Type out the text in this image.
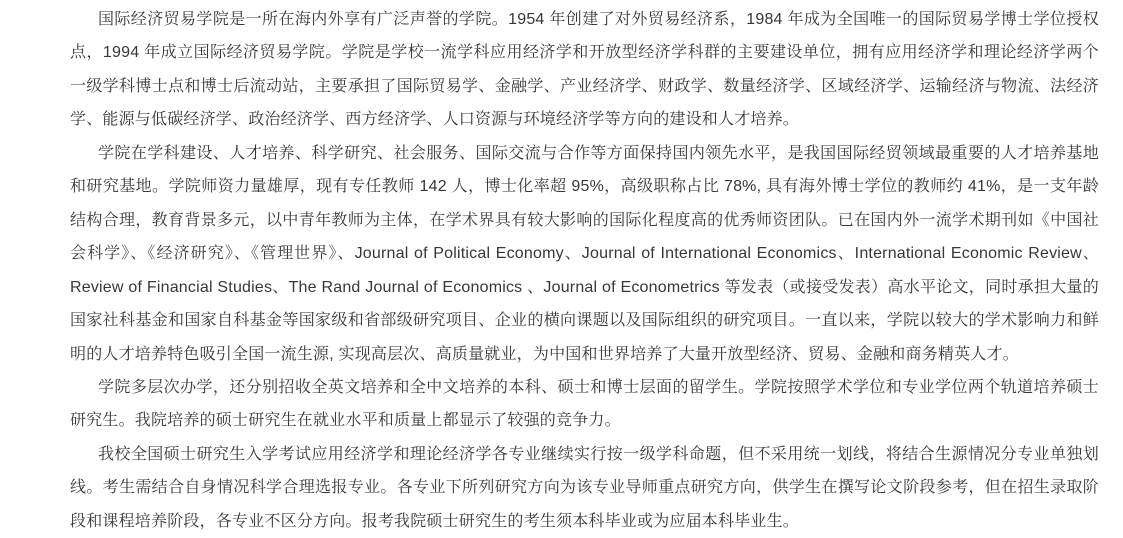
国际经济贸易学院是一所在海内外享有广泛声誉的学院。1954 年创建了对外贸易经济系，1984 年成为全国唯一的国际贸易学博士学位授权点，1994 年成立国际经济贸易学院。学院是学校一流学科应用经济学和开放型经济学科群的主要建设单位，拥有应用经济学和理论经济学两个一级学科博士点和博士后流动站，主要承担了国际贸易学、金融学、产业经济学、财政学、数量经济学、区域经济学、运输经济与物流、法经济学、能源与低碳经济学、政治经济学、西方经济学、人口资源与环境经济学等方向的建设和人才培养。

学院在学科建设、人才培养、科学研究、社会服务、国际交流与合作等方面保持国内领先水平，是我国国际经贸领域最重要的人才培养基地和研究基地。学院师资力量雄厚，现有专任教师 142 人，博士化率超 95%，高级职称占比 78%, 具有海外博士学位的教师约 41%，是一支年龄结构合理，教育背景多元，以中青年教师为主体，在学术界具有较大影响的国际化程度高的优秀师资团队。已在国内外一流学术期刊如《中国社会科学》、《经济研究》、《管理世界》、Journal of Political Economy、Journal of International Economics、International Economic Review、Review of Financial Studies、The Rand Journal of Economics 、Journal of Econometrics 等发表（或接受发表）高水平论文，同时承担大量的国家社科基金和国家自科基金等国家级和省部级研究项目、企业的横向课题以及国际组织的研究项目。一直以来，学院以较大的学术影响力和鲜明的人才培养特色吸引全国一流生源, 实现高层次、高质量就业，为中国和世界培养了大量开放型经济、贸易、金融和商务精英人才。

学院多层次办学，还分别招收全英文培养和全中文培养的本科、硕士和博士层面的留学生。学院按照学术学位和专业学位两个轨道培养硕士研究生。我院培养的硕士研究生在就业水平和质量上都显示了较强的竞争力。

我校全国硕士研究生入学考试应用经济学和理论经济学各专业继续实行按一级学科命题，但不采用统一划线，将结合生源情况分专业单独划线。考生需结合自身情况科学合理选报专业。各专业下所列研究方向为该专业导师重点研究方向，供学生在撰写论文阶段参考，但在招生录取阶段和课程培养阶段，各专业不区分方向。报考我院硕士研究生的考生须本科毕业或为应届本科毕业生。
